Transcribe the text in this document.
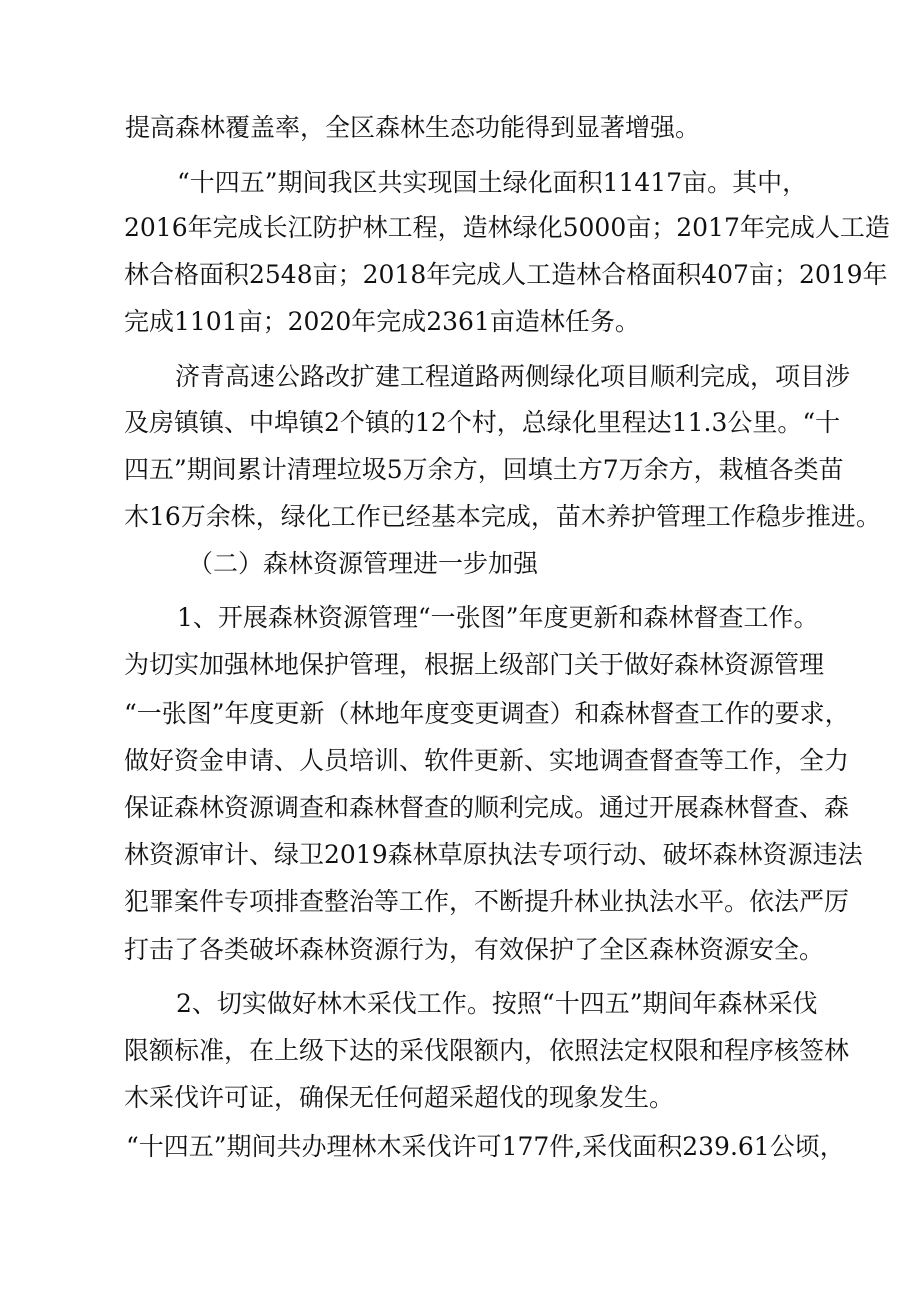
提高森林覆盖率，全区森林生态功能得到显著增强。
“十四五”期间我区共实现国土绿化面积11417亩。其中，
2016年完成长江防护林工程，造林绿化5000亩；2017年完成人工造
林合格面积2548亩；2018年完成人工造林合格面积407亩；2019年
完成1101亩；2020年完成2361亩造林任务。
济青高速公路改扩建工程道路两侧绿化项目顺利完成，项目涉
及房镇镇、中埠镇2个镇的12个村，总绿化里程达11.3公里。“十
四五”期间累计清理垃圾5万余方，回填土方7万余方，栽植各类苗
木16万余株，绿化工作已经基本完成，苗木养护管理工作稳步推进。
（二）森林资源管理进一步加强
1、开展森林资源管理“一张图”年度更新和森林督查工作。
为切实加强林地保护管理，根据上级部门关于做好森林资源管理
“一张图”年度更新（林地年度变更调查）和森林督查工作的要求，
做好资金申请、人员培训、软件更新、实地调查督查等工作，全力
保证森林资源调查和森林督查的顺利完成。通过开展森林督查、森
林资源审计、绿卫2019森林草原执法专项行动、破坏森林资源违法
犯罪案件专项排查整治等工作，不断提升林业执法水平。依法严厉
打击了各类破坏森林资源行为，有效保护了全区森林资源安全。
2、切实做好林木采伐工作。按照“十四五”期间年森林采伐
限额标准，在上级下达的采伐限额内，依照法定权限和程序核签林
木采伐许可证，确保无任何超采超伐的现象发生。
“十四五”期间共办理林木采伐许可177件,采伐面积239.61公顷，
